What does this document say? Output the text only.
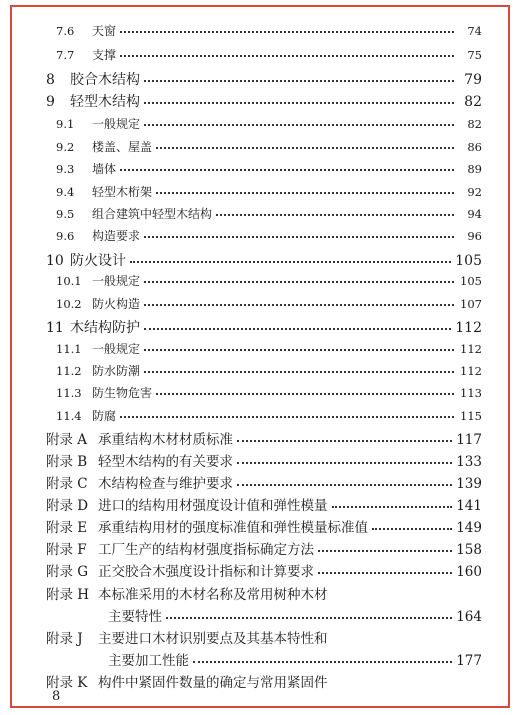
7.6	天窗	74
7.7	支撑	75
8	胶合木结构	79
9	轻型木结构	82
9.1	一般规定	82
9.2	楼盖、屋盖	86
9.3	墙体	89
9.4	轻型木桁架	92
9.5	组合建筑中轻型木结构	94
9.6	构造要求	96
10 防火设计	105
10.1 一般规定	105
10.2 防火构造	107
11 木结构防护	112
11.1 一般规定	112
11.2 防水防潮	112
11.3 防生物危害	113
11.4 防腐	115
附录 A 承重结构木材材质标准	117
附录 B 轻型木结构的有关要求	133
附录 C 木结构检查与维护要求	139
附录 D 进口的结构用材强度设计值和弹性模量	141
附录 E 承重结构用材的强度标准值和弹性模量标准值	149
附录 F 工厂生产的结构材强度指标确定方法	158
附录 G 正交胶合木强度设计指标和计算要求	160
附录 H 本标准采用的木材名称及常用树种木材
主要特性	164
附录 J	主要进口木材识别要点及其基本特性和
主要加工性能	177
附录 K 构件中紧固件数量的确定与常用紧固件
8
